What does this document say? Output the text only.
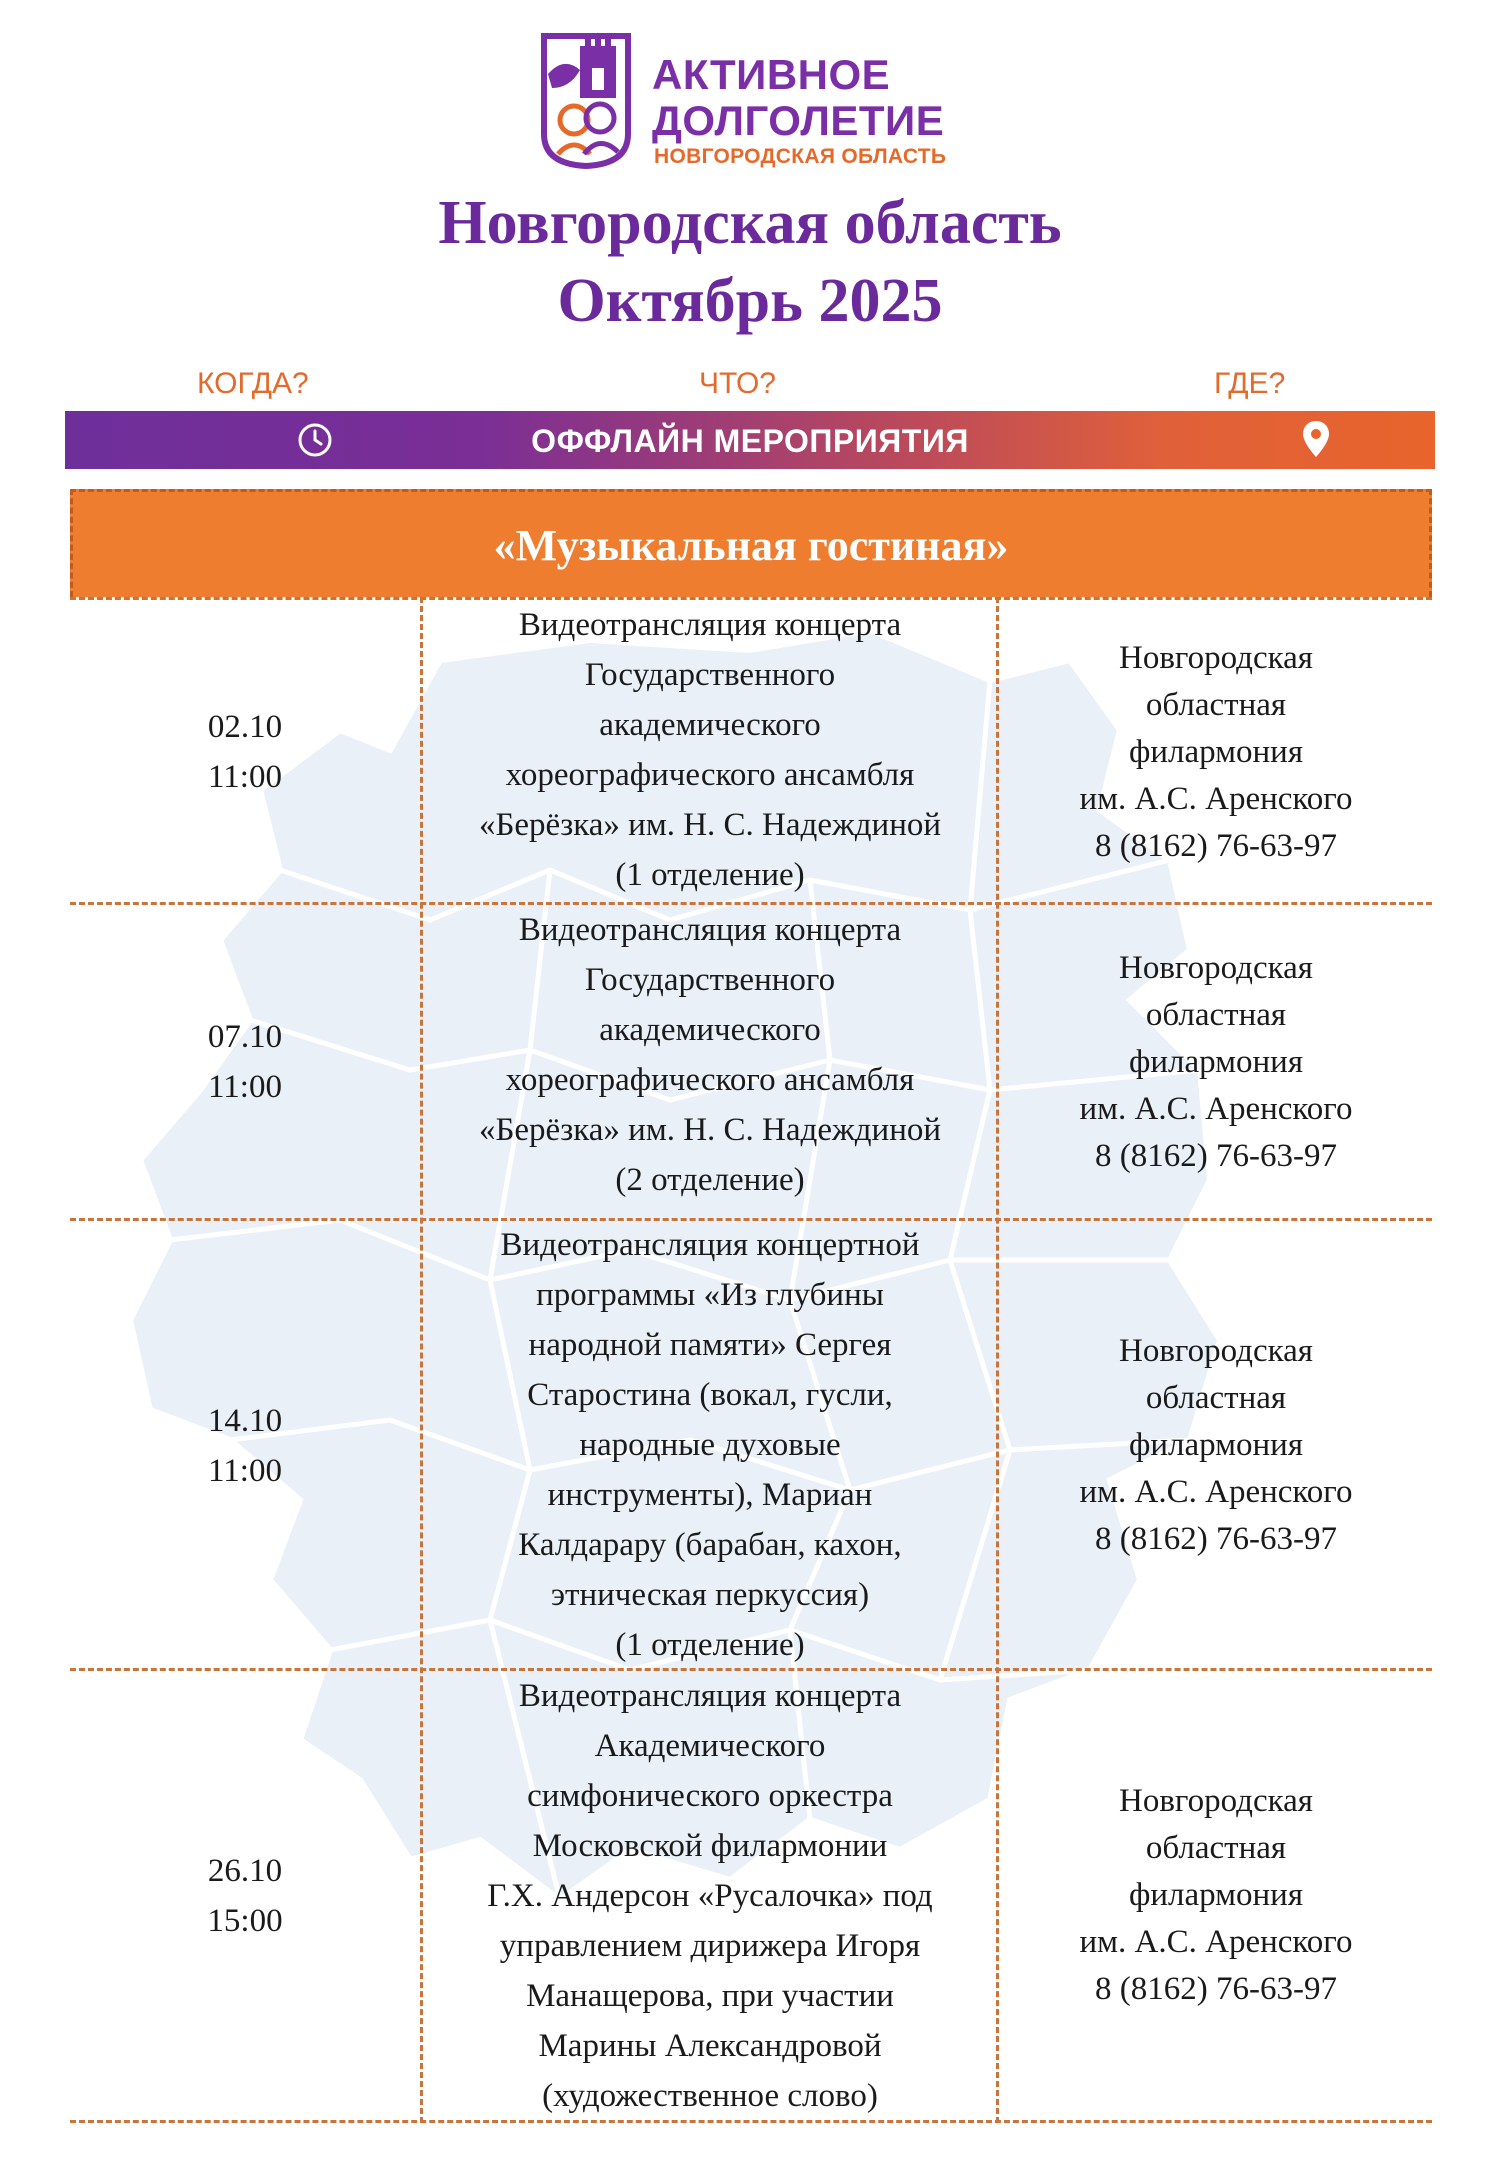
АКТИВНОЕ
ДОЛГОЛЕТИЕ
НОВГОРОДСКАЯ ОБЛАСТЬ
Новгородская область
Октябрь 2025
КОГДА?	ЧТО?	ГДЕ?
ОФФЛАЙН МЕРОПРИЯТИЯ
«Музыкальная гостиная»
02.10
11:00
Видеотрансляция концерта
Государственного
академического
хореографического ансамбля
«Берёзка» им. Н. С. Надеждиной
(1 отделение)
Новгородская
областная
филармония
им. А.С. Аренского
8 (8162) 76-63-97
07.10
11:00
Видеотрансляция концерта
Государственного
академического
хореографического ансамбля
«Берёзка» им. Н. С. Надеждиной
(2 отделение)
Новгородская
областная
филармония
им. А.С. Аренского
8 (8162) 76-63-97
14.10
11:00
Видеотрансляция концертной
программы «Из глубины
народной памяти» Сергея
Старостина (вокал, гусли,
народные духовые
инструменты), Мариан
Калдарару (барабан, кахон,
этническая перкуссия)
(1 отделение)
Новгородская
областная
филармония
им. А.С. Аренского
8 (8162) 76-63-97
26.10
15:00
Видеотрансляция концерта
Академического
симфонического оркестра
Московской филармонии
Г.Х. Андерсон «Русалочка» под
управлением дирижера Игоря
Манащерова, при участии
Марины Александровой
(художественное слово)
Новгородская
областная
филармония
им. А.С. Аренского
8 (8162) 76-63-97
